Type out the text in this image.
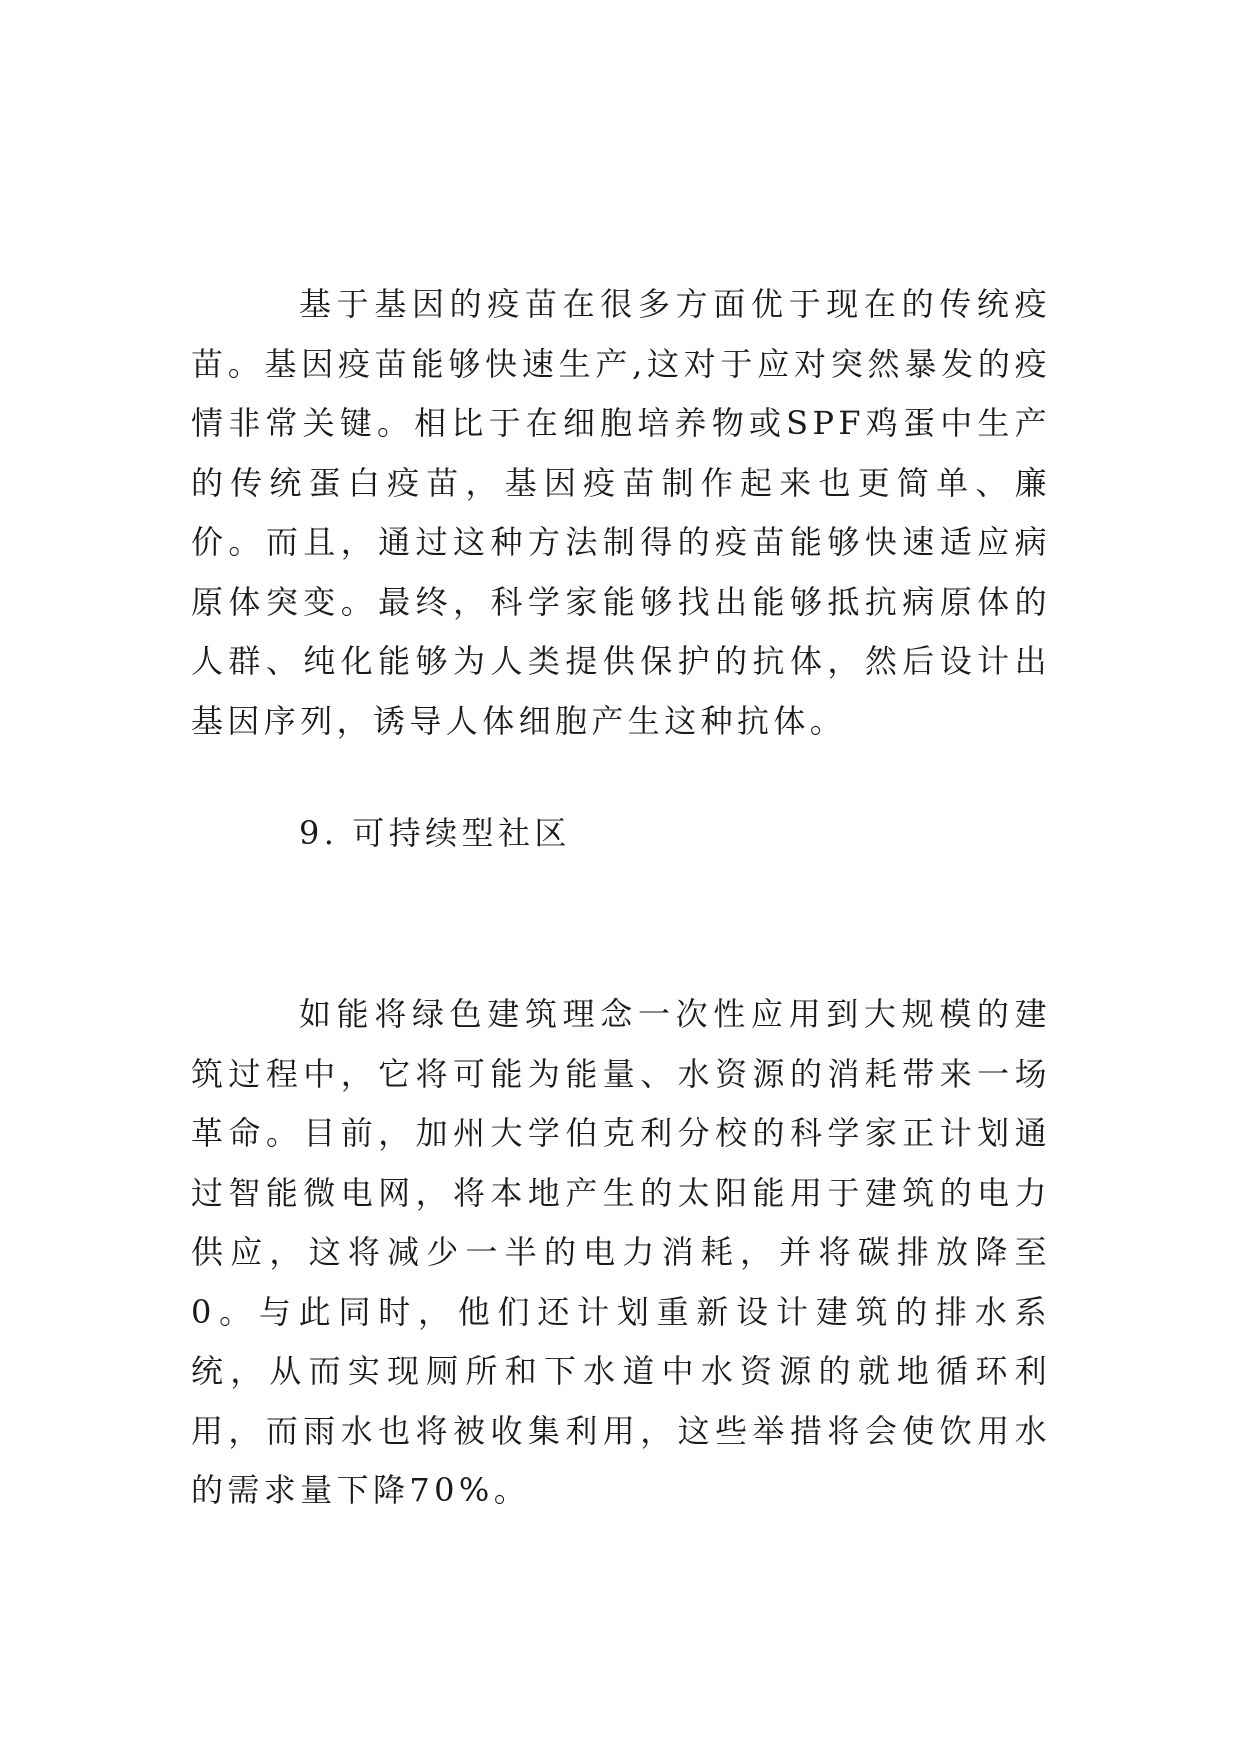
基于基因的疫苗在很多方面优于现在的传统疫苗。基因疫苗能够快速生产,这对于应对突然暴发的疫情非常关键。相比于在细胞培养物或SPF鸡蛋中生产的传统蛋白疫苗，基因疫苗制作起来也更简单、廉价。而且，通过这种方法制得的疫苗能够快速适应病原体突变。最终，科学家能够找出能够抵抗病原体的人群、纯化能够为人类提供保护的抗体，然后设计出基因序列，诱导人体细胞产生这种抗体。

9. 可持续型社区

如能将绿色建筑理念一次性应用到大规模的建筑过程中，它将可能为能量、水资源的消耗带来一场革命。目前，加州大学伯克利分校的科学家正计划通过智能微电网，将本地产生的太阳能用于建筑的电力供应，这将减少一半的电力消耗，并将碳排放降至0。与此同时，他们还计划重新设计建筑的排水系统，从而实现厕所和下水道中水资源的就地循环利用，而雨水也将被收集利用，这些举措将会使饮用水的需求量下降70%。
